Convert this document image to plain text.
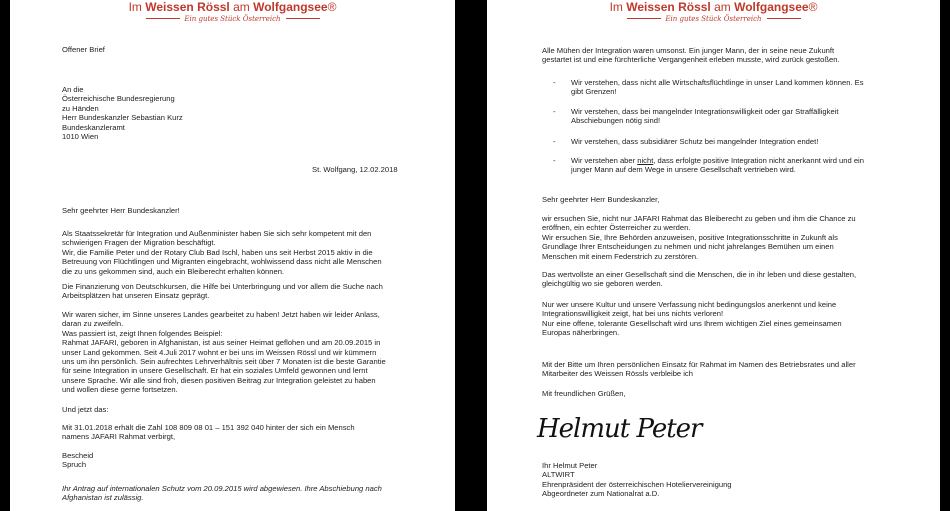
Im Weissen Rössl am Wolfgangsee®
Ein gutes Stück Österreich
Offener Brief
An die
Österreichische Bundesregierung
zu Händen
Herr Bundeskanzler Sebastian Kurz
Bundeskanzleramt
1010 Wien
St. Wolfgang, 12.02.2018
Sehr geehrter Herr Bundeskanzler!
Als Staatssekretär für Integration und Außenminister haben Sie sich sehr kompetent mit den
schwierigen Fragen der Migration beschäftigt.
Wir, die Familie Peter und der Rotary Club Bad Ischl, haben uns seit Herbst 2015 aktiv in die
Betreuung von Flüchtlingen und Migranten eingebracht, wohlwissend dass nicht alle Menschen
die zu uns gekommen sind, auch ein Bleiberecht erhalten können.
Die Finanzierung von Deutschkursen, die Hilfe bei Unterbringung und vor allem die Suche nach
Arbeitsplätzen hat unseren Einsatz geprägt.
Wir waren sicher, im Sinne unseres Landes gearbeitet zu haben! Jetzt haben wir leider Anlass,
daran zu zweifeln.
Was passiert ist, zeigt Ihnen folgendes Beispiel:
Rahmat JAFARI, geboren in Afghanistan, ist aus seiner Heimat geflohen und am 20.09.2015 in
unser Land gekommen. Seit 4.Juli 2017 wohnt er bei uns im Weissen Rössl und wir kümmern
uns um ihn persönlich. Sein aufrechtes Lehrverhältnis seit über 7 Monaten ist die beste Garantie
für seine Integration in unsere Gesellschaft. Er hat ein soziales Umfeld gewonnen und lernt
unsere Sprache. Wir alle sind froh, diesen positiven Beitrag zur Integration geleistet zu haben
und wollen diese gerne fortsetzen.
Und jetzt das:
Mit 31.01.2018 erhält die Zahl 108 809 08 01 – 151 392 040 hinter der sich ein Mensch
namens JAFARI Rahmat verbirgt,
Bescheid
Spruch
Ihr Antrag auf internationalen Schutz vom 20.09.2015 wird abgewiesen. Ihre Abschiebung nach
Afghanistan ist zulässig.
Im Weissen Rössl am Wolfgangsee®
Ein gutes Stück Österreich
Alle Mühen der Integration waren umsonst. Ein junger Mann, der in seine neue Zukunft
gestartet ist und eine fürchterliche Vergangenheit erleben musste, wird zurück gestoßen.
- Wir verstehen, dass nicht alle Wirtschaftsflüchtlinge in unser Land kommen können. Es
gibt Grenzen!
- Wir verstehen, dass bei mangelnder Integrationswilligkeit oder gar Straffälligkeit
Abschiebungen nötig sind!
- Wir verstehen, dass subsidiärer Schutz bei mangelnder Integration endet!
- Wir verstehen aber nicht, dass erfolgte positive Integration nicht anerkannt wird und ein
junger Mann auf dem Wege in unsere Gesellschaft vertrieben wird.
Sehr geehrter Herr Bundeskanzler,
wir ersuchen Sie, nicht nur JAFARI Rahmat das Bleiberecht zu geben und ihm die Chance zu
eröffnen, ein echter Österreicher zu werden.
Wir ersuchen Sie, Ihre Behörden anzuweisen, positive Integrationsschritte in Zukunft als
Grundlage Ihrer Entscheidungen zu nehmen und nicht jahrelanges Bemühen um einen
Menschen mit einem Federstrich zu zerstören.
Das wertvollste an einer Gesellschaft sind die Menschen, die in ihr leben und diese gestalten,
gleichgültig wo sie geboren werden.
Nur wer unsere Kultur und unsere Verfassung nicht bedingungslos anerkennt und keine
Integrationswilligkeit zeigt, hat bei uns nichts verloren!
Nur eine offene, tolerante Gesellschaft wird uns Ihrem wichtigen Ziel eines gemeinsamen
Europas näherbringen.
Mit der Bitte um Ihren persönlichen Einsatz für Rahmat im Namen des Betriebsrates und aller
Mitarbeiter des Weissen Rössls verbleibe ich
Mit freundlichen Grüßen,
Helmut Peter
Ihr Helmut Peter
ALTWIRT
Ehrenpräsident der österreichischen Hoteliervereinigung
Abgeordneter zum Nationalrat a.D.
